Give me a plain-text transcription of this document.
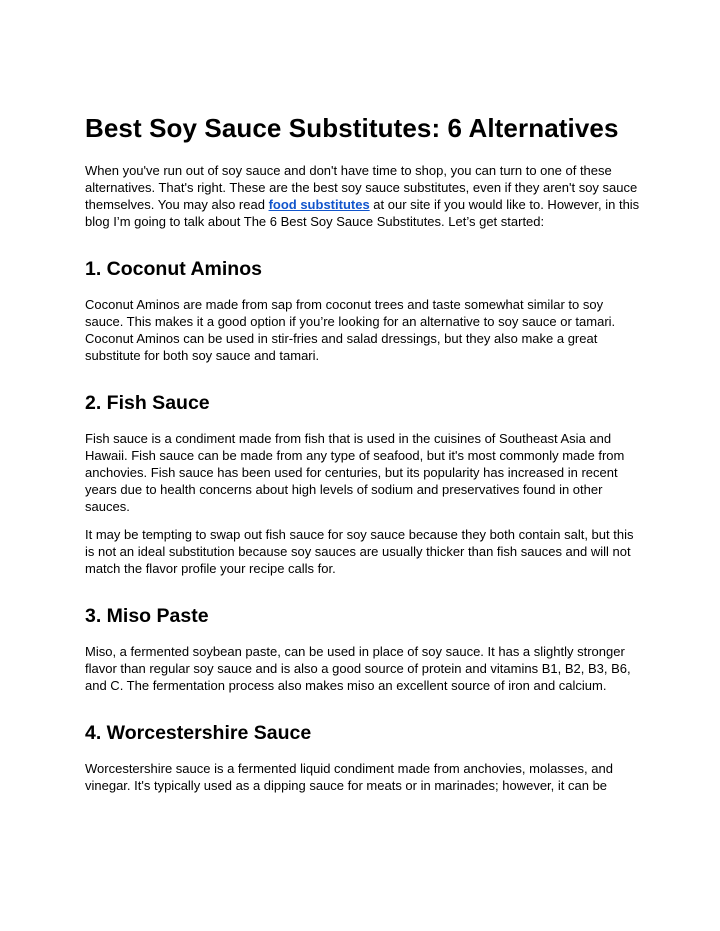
Best Soy Sauce Substitutes: 6 Alternatives

When you've run out of soy sauce and don't have time to shop, you can turn to one of these alternatives. That's right. These are the best soy sauce substitutes, even if they aren't soy sauce themselves. You may also read food substitutes at our site if you would like to. However, in this blog I’m going to talk about The 6 Best Soy Sauce Substitutes. Let’s get started:

1. Coconut Aminos

Coconut Aminos are made from sap from coconut trees and taste somewhat similar to soy sauce. This makes it a good option if you’re looking for an alternative to soy sauce or tamari. Coconut Aminos can be used in stir-fries and salad dressings, but they also make a great substitute for both soy sauce and tamari.

2. Fish Sauce

Fish sauce is a condiment made from fish that is used in the cuisines of Southeast Asia and Hawaii. Fish sauce can be made from any type of seafood, but it's most commonly made from anchovies. Fish sauce has been used for centuries, but its popularity has increased in recent years due to health concerns about high levels of sodium and preservatives found in other sauces.

It may be tempting to swap out fish sauce for soy sauce because they both contain salt, but this is not an ideal substitution because soy sauces are usually thicker than fish sauces and will not match the flavor profile your recipe calls for.

3. Miso Paste

Miso, a fermented soybean paste, can be used in place of soy sauce. It has a slightly stronger flavor than regular soy sauce and is also a good source of protein and vitamins B1, B2, B3, B6, and C. The fermentation process also makes miso an excellent source of iron and calcium.

4. Worcestershire Sauce

Worcestershire sauce is a fermented liquid condiment made from anchovies, molasses, and vinegar. It's typically used as a dipping sauce for meats or in marinades; however, it can be
